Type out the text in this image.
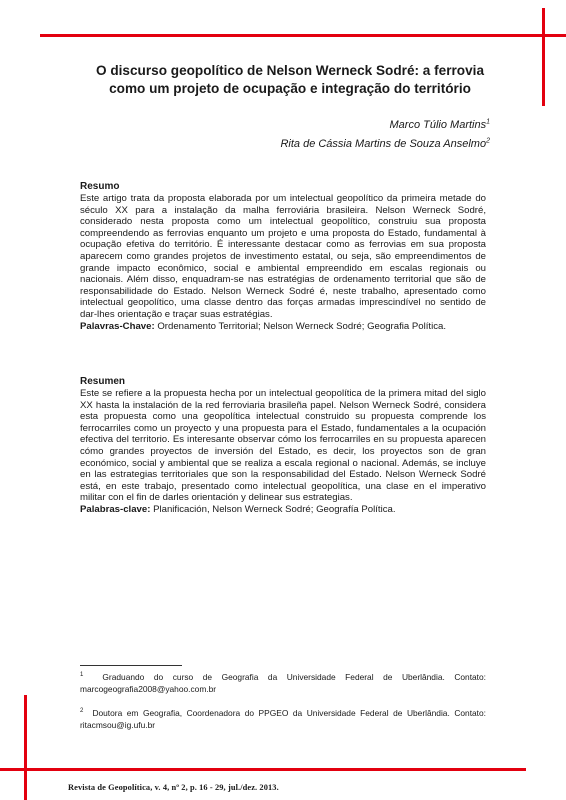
O discurso geopolítico de Nelson Werneck Sodré: a ferrovia como um projeto de ocupação e integração do território
Marco Túlio Martins$^1$
Rita de Cássia Martins de Souza Anselmo$^2$
Resumo
Este artigo trata da proposta elaborada por um intelectual geopolítico da primeira metade do século XX para a instalação da malha ferroviária brasileira. Nelson Werneck Sodré, considerado nesta proposta como um intelectual geopolítico, construiu sua proposta compreendendo as ferrovias enquanto um projeto e uma proposta do Estado, fundamental à ocupação efetiva do território. É interessante destacar como as ferrovias em sua proposta aparecem como grandes projetos de investimento estatal, ou seja, são empreendimentos de grande impacto econômico, social e ambiental empreendido em escalas regionais ou nacionais. Além disso, enquadram-se nas estratégias de ordenamento territorial que são de responsabilidade do Estado. Nelson Werneck Sodré é, neste trabalho, apresentado como intelectual geopolítico, uma classe dentro das forças armadas imprescindível no sentido de dar-lhes orientação e traçar suas estratégias.
Palavras-Chave: Ordenamento Territorial; Nelson Werneck Sodré; Geografia Política.
Resumen
Este se refiere a la propuesta hecha por un intelectual geopolítica de la primera mitad del siglo XX hasta la instalación de la red ferroviaria brasileña papel. Nelson Werneck Sodré, considera esta propuesta como una geopolítica intelectual construido su propuesta comprende los ferrocarriles como un proyecto y una propuesta para el Estado, fundamentales a la ocupación efectiva del territorio. Es interesante observar cómo los ferrocarriles en su propuesta aparecen cómo grandes proyectos de inversión del Estado, es decir, los proyectos son de gran económico, social y ambiental que se realiza a escala regional o nacional. Además, se incluye en las estrategias territoriales que son la responsabilidad del Estado. Nelson Werneck Sodré está, en este trabajo, presentado como intelectual geopolítica, una clase en el imperativo militar con el fin de darles orientación y delinear sus estrategias.
Palabras-clave: Planificación, Nelson Werneck Sodré; Geografía Política.
$^1$ Graduando do curso de Geografia da Universidade Federal de Uberlândia. Contato: marcogeografia2008@yahoo.com.br
$^2$ Doutora em Geografia, Coordenadora do PPGEO da Universidade Federal de Uberlândia. Contato: ritacmsou@ig.ufu.br
Revista de Geopolítica, v. 4, nº 2, p. 16 - 29, jul./dez. 2013.
